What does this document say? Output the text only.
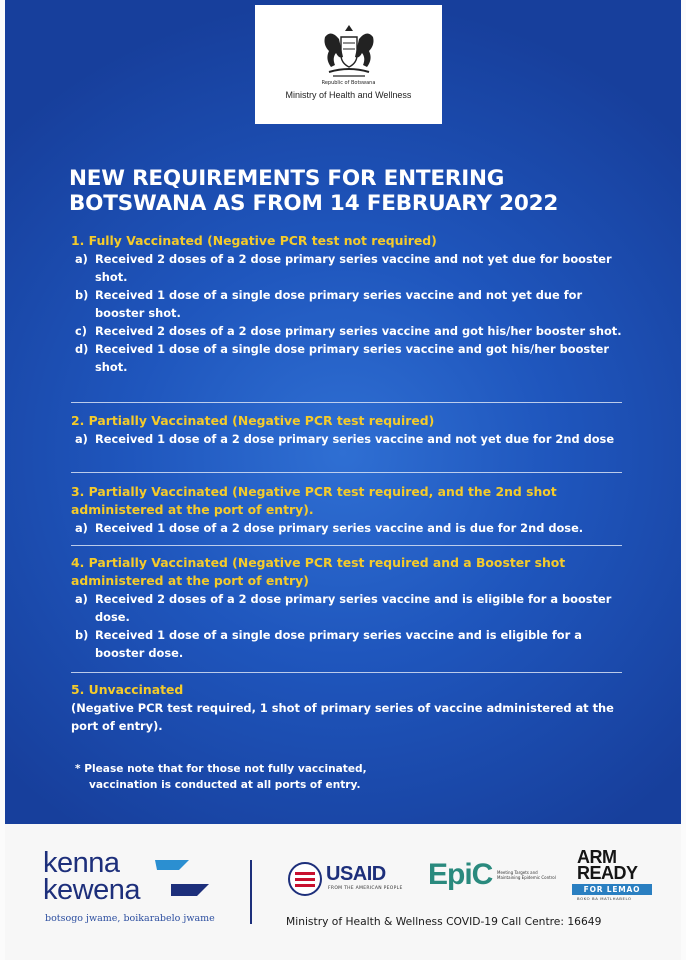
Republic of Botswana
Ministry of Health and Wellness
NEW REQUIREMENTS FOR ENTERING
BOTSWANA AS FROM 14 FEBRUARY 2022
1. Fully Vaccinated (Negative PCR test not required)
a) Received 2 doses of a 2 dose primary series vaccine and not yet due for booster shot.
b) Received 1 dose of a single dose primary series vaccine and not yet due for booster shot.
c) Received 2 doses of a 2 dose primary series vaccine and got his/her booster shot.
d) Received 1 dose of a single dose primary series vaccine and got his/her booster shot.
2. Partially Vaccinated (Negative PCR test required)
a) Received 1 dose of a 2 dose primary series vaccine and not yet due for 2nd dose
3. Partially Vaccinated (Negative PCR test required, and the 2nd shot administered at the port of entry).
a) Received 1 dose of a 2 dose primary series vaccine and is due for 2nd dose.
4. Partially Vaccinated (Negative PCR test required and a Booster shot administered at the port of entry)
a) Received 2 doses of a 2 dose primary series vaccine and is eligible for a booster dose.
b) Received 1 dose of a single dose primary series vaccine and is eligible for a booster dose.
5. Unvaccinated
(Negative PCR test required, 1 shot of primary series of vaccine administered at the port of entry).
* Please note that for those not fully vaccinated,
vaccination is conducted at all ports of entry.
kenna
kewena
botsogo jwame, boikarabelo jwame
USAID
FROM THE AMERICAN PEOPLE EpiC Meeting Targets and Maintaining Epidemic Control
ARM
READY
FOR LEMAO
BOKO BA MATLHABELO
Ministry of Health & Wellness COVID-19 Call Centre: 16649
